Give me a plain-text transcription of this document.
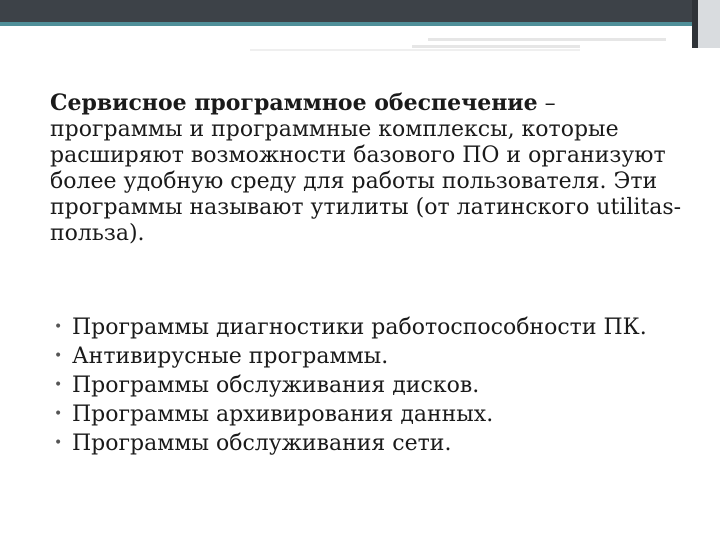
Сервисное программное обеспечение – программы и программные комплексы, которые расширяют возможности базового ПО и организуют более удобную среду для работы пользователя. Эти программы называют утилиты (от латинского utilitas-польза).

• Программы диагностики работоспособности ПК.
• Антивирусные программы.
• Программы обслуживания дисков.
• Программы архивирования данных.
• Программы обслуживания сети.
